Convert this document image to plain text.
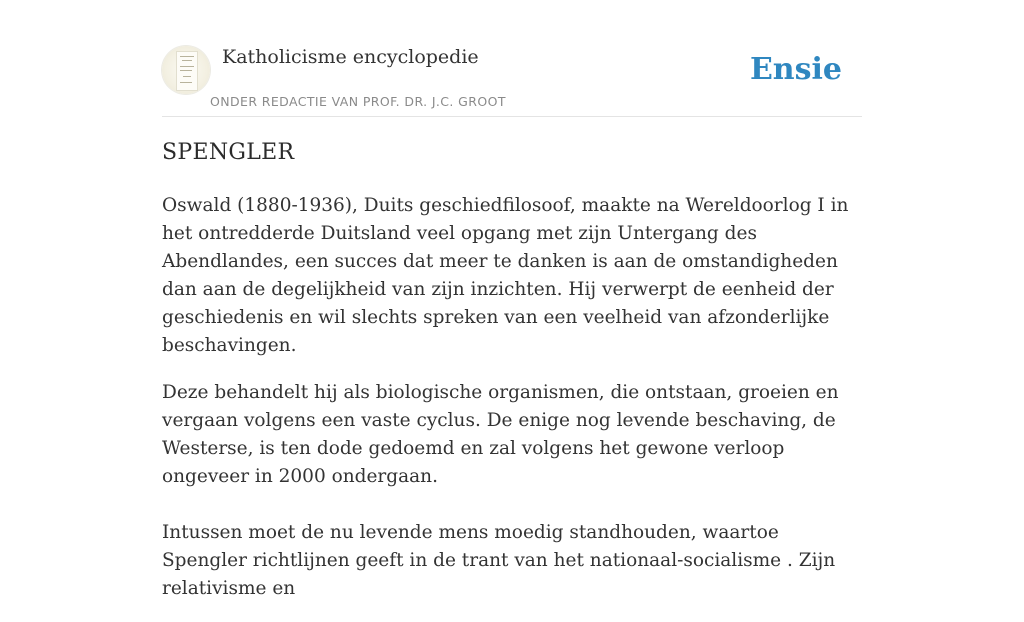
Katholicisme encyclopedie
ONDER REDACTIE VAN PROF. DR. J.C. GROOT
Ensie
SPENGLER

Oswald (1880-1936), Duits geschiedfilosoof, maakte na Wereldoorlog I in het ontredderde Duitsland veel opgang met zijn Untergang des Abendlandes, een succes dat meer te danken is aan de omstandigheden dan aan de degelijkheid van zijn inzichten. Hij verwerpt de eenheid der geschiedenis en wil slechts spreken van een veelheid van afzonderlijke beschavingen.

Deze behandelt hij als biologische organismen, die ontstaan, groeien en vergaan volgens een vaste cyclus. De enige nog levende beschaving, de Westerse, is ten dode gedoemd en zal volgens het gewone verloop ongeveer in 2000 ondergaan.

Intussen moet de nu levende mens moedig standhouden, waartoe Spengler richtlijnen geeft in de trant van het nationaal-socialisme . Zijn relativisme en
